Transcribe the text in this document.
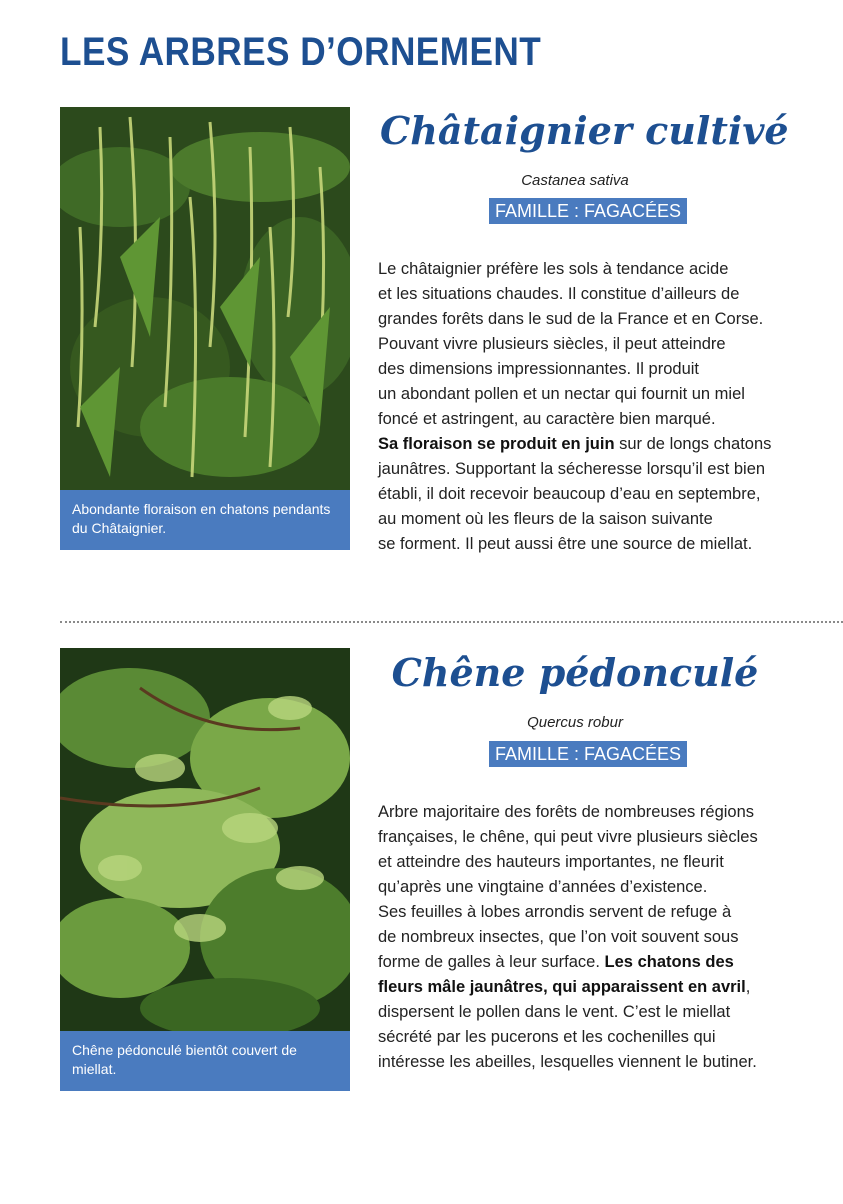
LES ARBRES D’ORNEMENT
Abondante floraison en chatons pendants du Châtaignier.
Châtaignier cultivé
Castanea sativa
FAMILLE : FAGACÉES
Le châtaignier préfère les sols à tendance acide
et les situations chaudes. Il constitue d’ailleurs de
grandes forêts dans le sud de la France et en Corse.
Pouvant vivre plusieurs siècles, il peut atteindre
des dimensions impressionnantes. Il produit
un abondant pollen et un nectar qui fournit un miel
foncé et astringent, au caractère bien marqué.
Sa floraison se produit en juin sur de longs chatons
jaunâtres. Supportant la sécheresse lorsqu’il est bien
établi, il doit recevoir beaucoup d’eau en septembre,
au moment où les fleurs de la saison suivante
se forment. Il peut aussi être une source de miellat.
Chêne pédonculé bientôt couvert de miellat.
Chêne pédonculé
Quercus robur
FAMILLE : FAGACÉES
Arbre majoritaire des forêts de nombreuses régions
françaises, le chêne, qui peut vivre plusieurs siècles
et atteindre des hauteurs importantes, ne fleurit
qu’après une vingtaine d’années d’existence.
Ses feuilles à lobes arrondis servent de refuge à
de nombreux insectes, que l’on voit souvent sous
forme de galles à leur surface. Les chatons des
fleurs mâle jaunâtres, qui apparaissent en avril,
dispersent le pollen dans le vent. C’est le miellat
sécrété par les pucerons et les cochenilles qui
intéresse les abeilles, lesquelles viennent le butiner.
